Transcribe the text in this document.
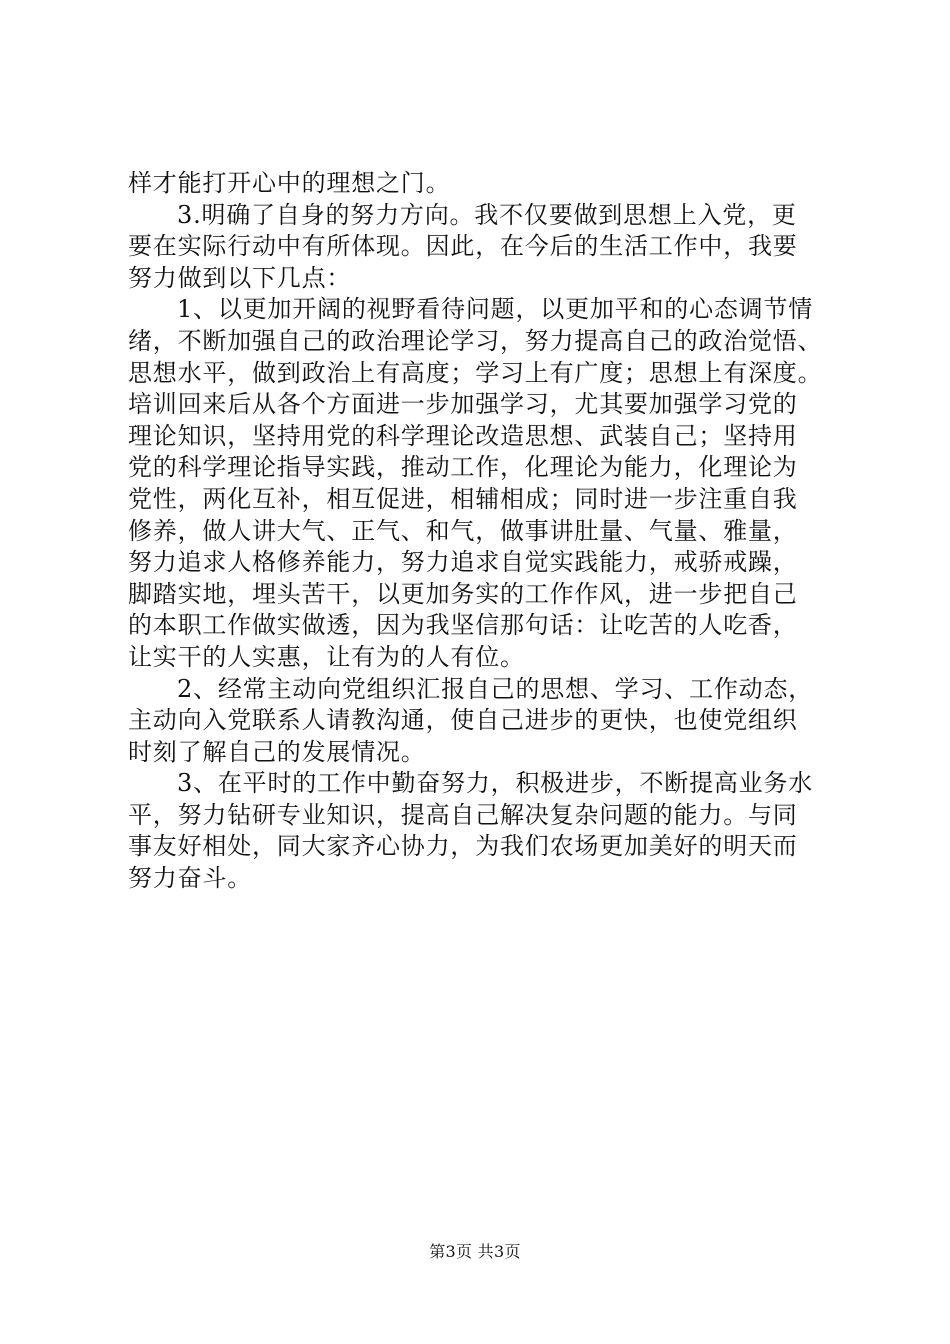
样才能打开心中的理想之门。
3.明确了自身的努力方向。我不仅要做到思想上入党，更
要在实际行动中有所体现。因此，在今后的生活工作中，我要
努力做到以下几点：
1、以更加开阔的视野看待问题，以更加平和的心态调节情
绪，不断加强自己的政治理论学习，努力提高自己的政治觉悟、
思想水平，做到政治上有高度；学习上有广度；思想上有深度。
培训回来后从各个方面进一步加强学习，尤其要加强学习党的
理论知识，坚持用党的科学理论改造思想、武装自己；坚持用
党的科学理论指导实践，推动工作，化理论为能力，化理论为
党性，两化互补，相互促进，相辅相成；同时进一步注重自我
修养，做人讲大气、正气、和气，做事讲肚量、气量、雅量，
努力追求人格修养能力，努力追求自觉实践能力，戒骄戒躁，
脚踏实地，埋头苦干，以更加务实的工作作风，进一步把自己
的本职工作做实做透，因为我坚信那句话：让吃苦的人吃香，
让实干的人实惠，让有为的人有位。
2、经常主动向党组织汇报自己的思想、学习、工作动态，
主动向入党联系人请教沟通，使自己进步的更快，也使党组织
时刻了解自己的发展情况。
3、在平时的工作中勤奋努力，积极进步，不断提高业务水
平，努力钻研专业知识，提高自己解决复杂问题的能力。与同
事友好相处，同大家齐心协力，为我们农场更加美好的明天而
努力奋斗。
第3页 共3页
